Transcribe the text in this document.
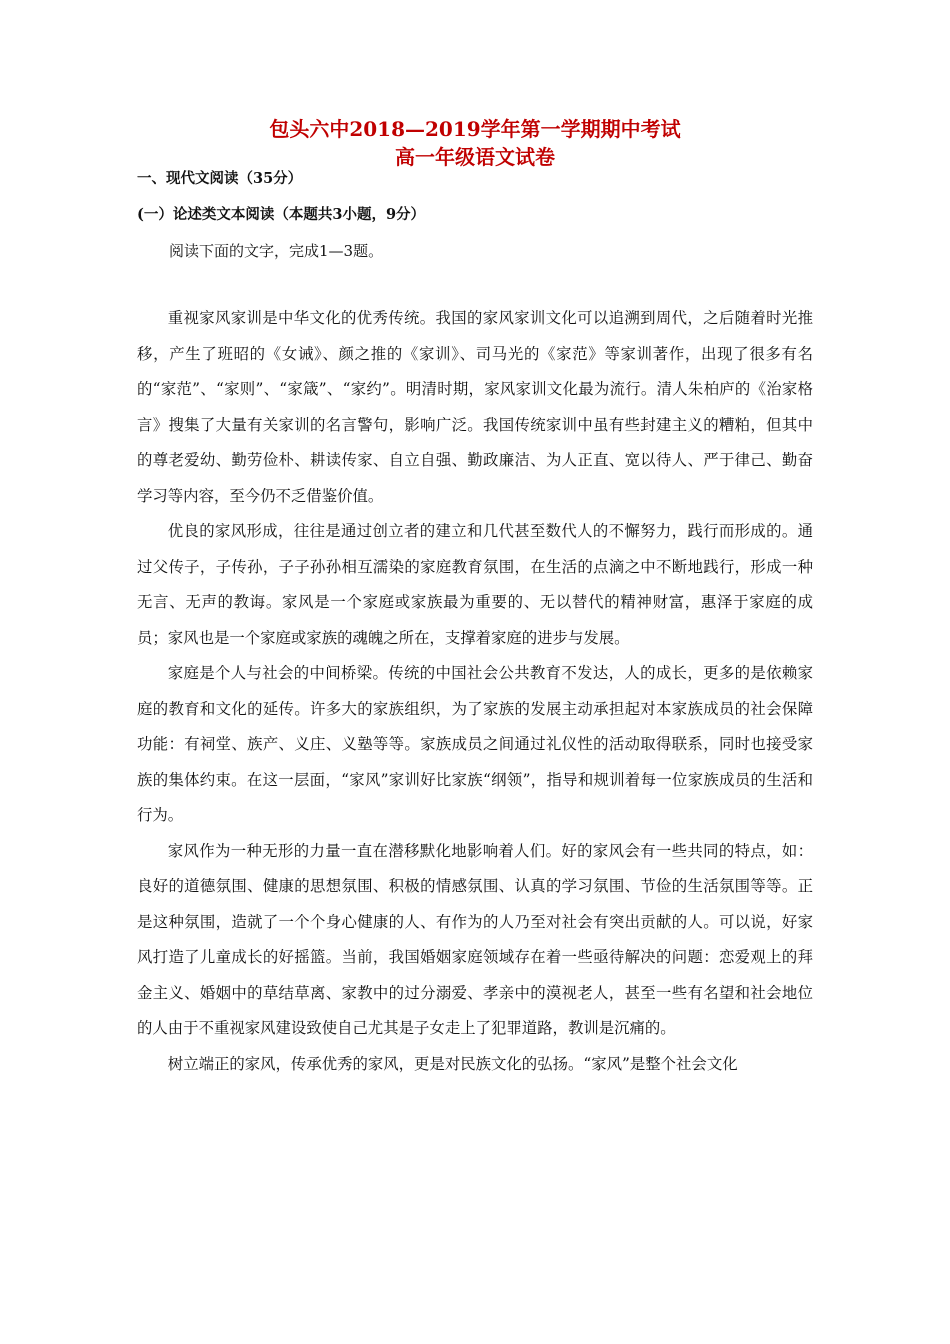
包头六中2018—2019学年第一学期期中考试
高一年级语文试卷
一、现代文阅读（35分）
(一）论述类文本阅读（本题共3小题，9分）
阅读下面的文字，完成1—3题。

重视家风家训是中华文化的优秀传统。我国的家风家训文化可以追溯到周代，之后随着时光推移，产生了班昭的《女诫》、颜之推的《家训》、司马光的《家范》等家训著作，出现了很多有名的“家范”、“家则”、“家箴”、“家约”。明清时期，家风家训文化最为流行。清人朱柏庐的《治家格言》搜集了大量有关家训的名言警句，影响广泛。我国传统家训中虽有些封建主义的糟粕，但其中的尊老爱幼、勤劳俭朴、耕读传家、自立自强、勤政廉洁、为人正直、宽以待人、严于律己、勤奋学习等内容，至今仍不乏借鉴价值。

优良的家风形成，往往是通过创立者的建立和几代甚至数代人的不懈努力，践行而形成的。通过父传子，子传孙，子子孙孙相互濡染的家庭教育氛围，在生活的点滴之中不断地践行，形成一种无言、无声的教诲。家风是一个家庭或家族最为重要的、无以替代的精神财富，惠泽于家庭的成员；家风也是一个家庭或家族的魂魄之所在，支撑着家庭的进步与发展。

家庭是个人与社会的中间桥梁。传统的中国社会公共教育不发达，人的成长，更多的是依赖家庭的教育和文化的延传。许多大的家族组织，为了家族的发展主动承担起对本家族成员的社会保障功能：有祠堂、族产、义庄、义塾等等。家族成员之间通过礼仪性的活动取得联系，同时也接受家族的集体约束。在这一层面，“家风”家训好比家族“纲领”，指导和规训着每一位家族成员的生活和行为。

家风作为一种无形的力量一直在潜移默化地影响着人们。好的家风会有一些共同的特点，如：良好的道德氛围、健康的思想氛围、积极的情感氛围、认真的学习氛围、节俭的生活氛围等等。正是这种氛围，造就了一个个身心健康的人、有作为的人乃至对社会有突出贡献的人。可以说，好家风打造了儿童成长的好摇篮。当前，我国婚姻家庭领域存在着一些亟待解决的问题：恋爱观上的拜金主义、婚姻中的草结草离、家教中的过分溺爱、孝亲中的漠视老人，甚至一些有名望和社会地位的人由于不重视家风建设致使自己尤其是子女走上了犯罪道路，教训是沉痛的。

树立端正的家风，传承优秀的家风，更是对民族文化的弘扬。“家风”是整个社会文化
